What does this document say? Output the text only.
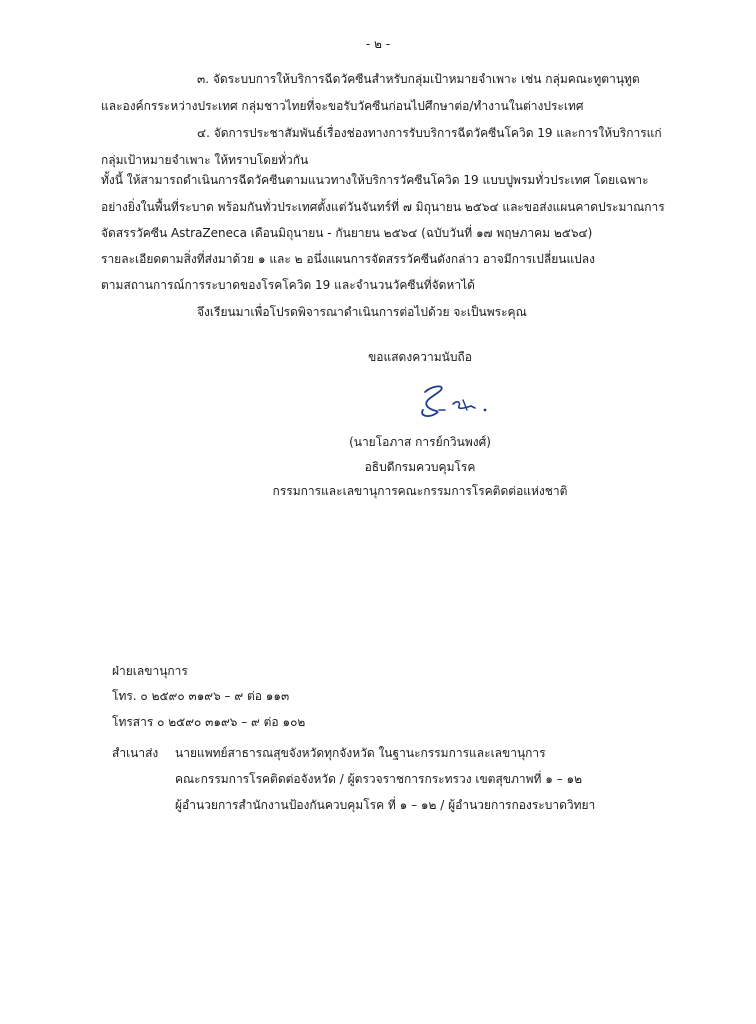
- ๒ -
๓. จัดระบบการให้บริการฉีดวัคซีนสำหรับกลุ่มเป้าหมายจำเพาะ เช่น กลุ่มคณะทูตานุทูต
และองค์กรระหว่างประเทศ กลุ่มชาวไทยที่จะขอรับวัคซีนก่อนไปศึกษาต่อ/ทำงานในต่างประเทศ
๔. จัดการประชาสัมพันธ์เรื่องช่องทางการรับบริการฉีดวัคซีนโควิด 19 และการให้บริการแก่
กลุ่มเป้าหมายจำเพาะ ให้ทราบโดยทั่วกัน
ทั้งนี้ ให้สามารถดำเนินการฉีดวัคซีนตามแนวทางให้บริการวัคซีนโควิด 19 แบบปูพรมทั่วประเทศ โดยเฉพาะ
อย่างยิ่งในพื้นที่ระบาด พร้อมกันทั่วประเทศตั้งแต่วันจันทร์ที่ ๗ มิถุนายน ๒๕๖๔ และขอส่งแผนคาดประมาณการ
จัดสรรวัคซีน AstraZeneca เดือนมิถุนายน - กันยายน ๒๕๖๔ (ฉบับวันที่ ๑๗ พฤษภาคม ๒๕๖๔)
รายละเอียดตามสิ่งที่ส่งมาด้วย ๑ และ ๒ อนึ่งแผนการจัดสรรวัคซีนดังกล่าว อาจมีการเปลี่ยนแปลง
ตามสถานการณ์การระบาดของโรคโควิด 19 และจำนวนวัคซีนที่จัดหาได้
จึงเรียนมาเพื่อโปรดพิจารณาดำเนินการต่อไปด้วย จะเป็นพระคุณ
ขอแสดงความนับถือ
(นายโอภาส การย์กวินพงศ์)
อธิบดีกรมควบคุมโรค
กรรมการและเลขานุการคณะกรรมการโรคติดต่อแห่งชาติ
ฝ่ายเลขานุการ
โทร. ๐ ๒๕๙๐ ๓๑๙๖ – ๙ ต่อ ๑๑๓
โทรสาร ๐ ๒๕๙๐ ๓๑๙๖ – ๙ ต่อ ๑๐๒
สำเนาส่ง นายแพทย์สาธารณสุขจังหวัดทุกจังหวัด ในฐานะกรรมการและเลขานุการ
คณะกรรมการโรคติดต่อจังหวัด / ผู้ตรวจราชการกระทรวง เขตสุขภาพที่ ๑ – ๑๒
ผู้อำนวยการสำนักงานป้องกันควบคุมโรค ที่ ๑ – ๑๒ / ผู้อำนวยการกองระบาดวิทยา
